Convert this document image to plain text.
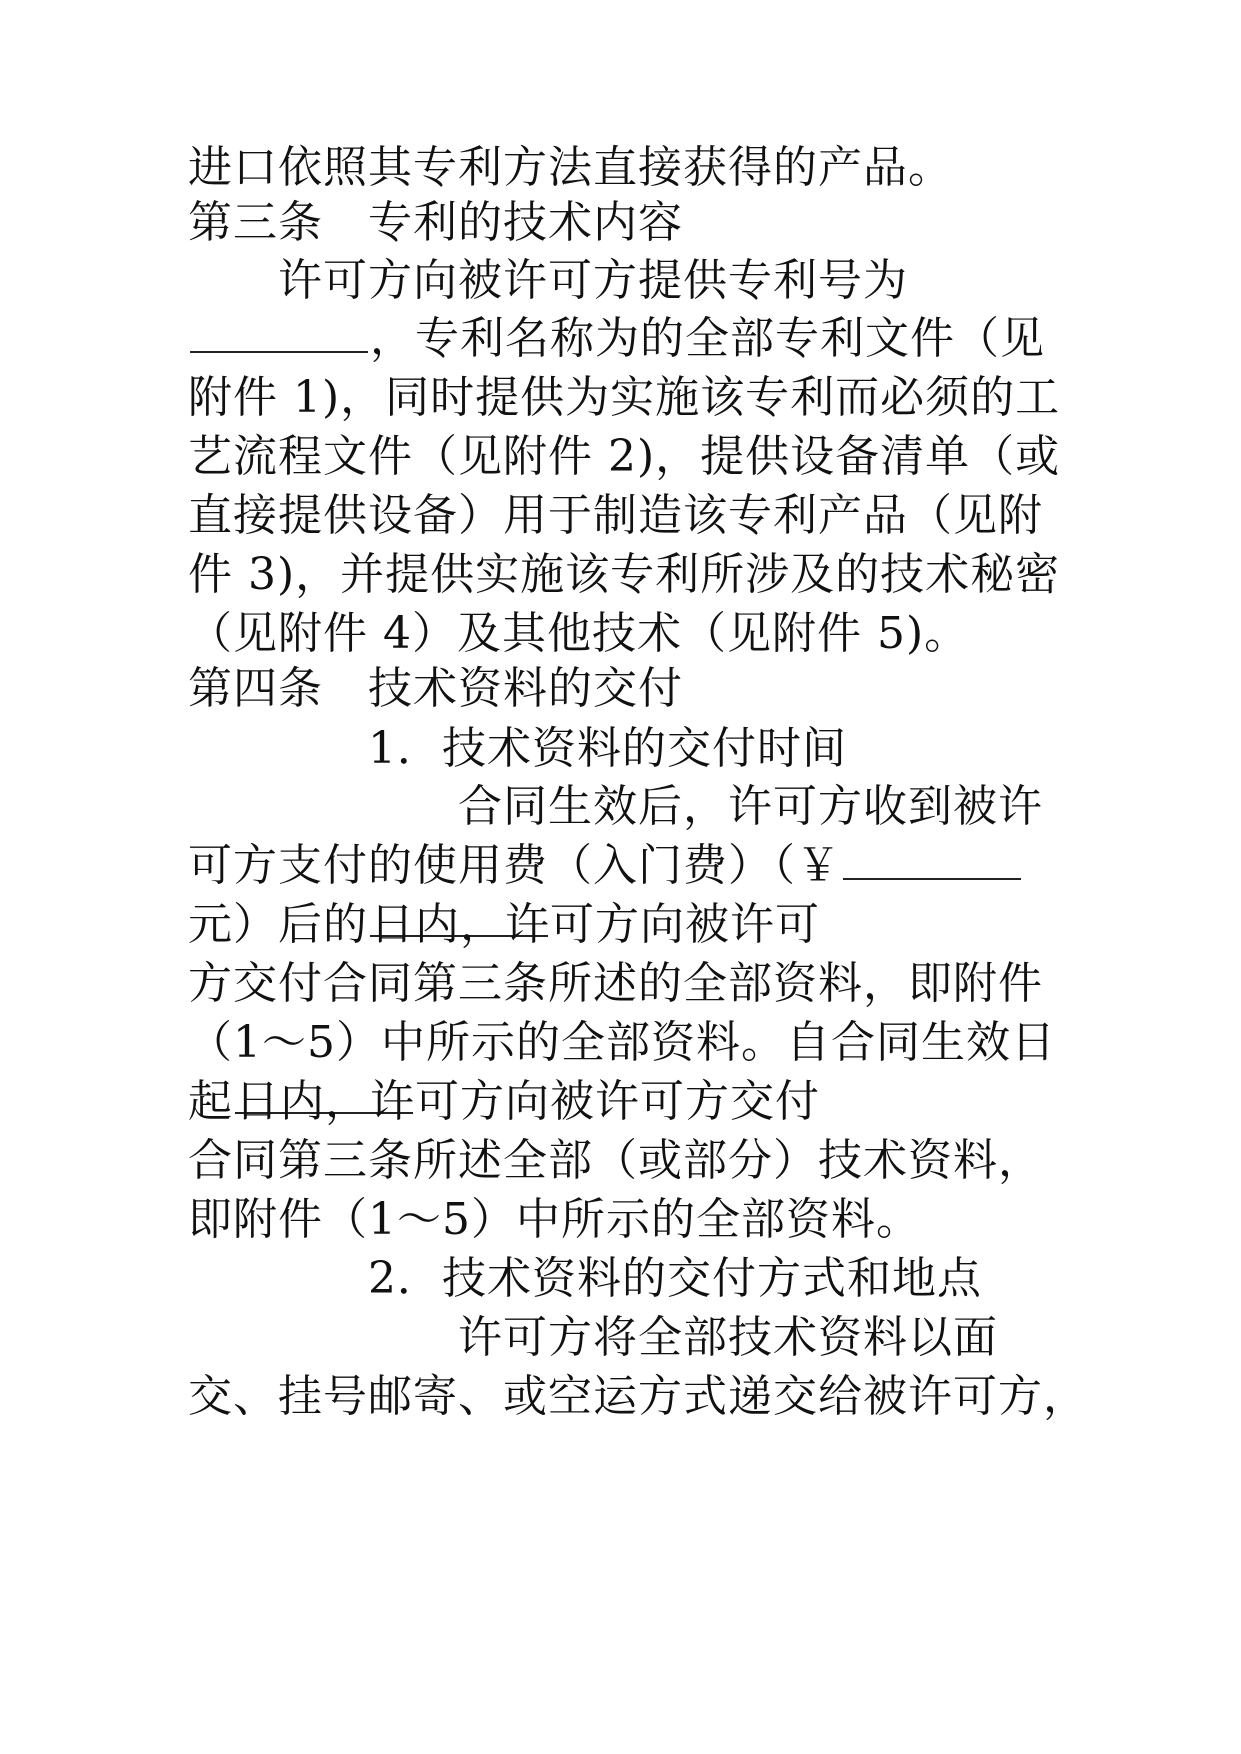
进口依照其专利方法直接获得的产品。
第三条　专利的技术内容
　　许可方向被许可方提供专利号为
，专利名称为的全部专利文件（见
附件 1)，同时提供为实施该专利而必须的工
艺流程文件（见附件 2)，提供设备清单（或
直接提供设备）用于制造该专利产品（见附
件 3)，并提供实施该专利所涉及的技术秘密
（见附件 4）及其他技术（见附件 5)。
第四条　技术资料的交付
　　　　1．技术资料的交付时间
　　　　　　合同生效后，许可方收到被许
可方支付的使用费（入门费）（￥
元）后的日内，许可方向被许可
方交付合同第三条所述的全部资料，即附件
（1～5）中所示的全部资料。自合同生效日
起日内，许可方向被许可方交付
合同第三条所述全部（或部分）技术资料，
即附件（1～5）中所示的全部资料。
　　　　2．技术资料的交付方式和地点
　　　　　　许可方将全部技术资料以面
交、挂号邮寄、或空运方式递交给被许可方，
